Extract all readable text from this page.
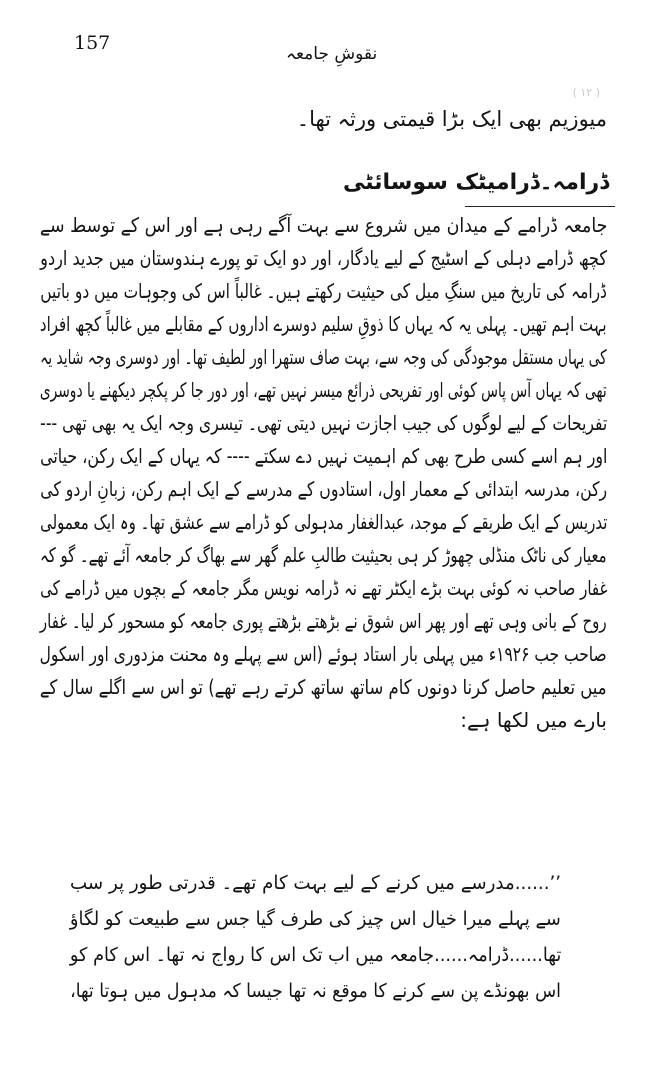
157	نقوشِ جامعہ
( ۱۲ )
میوزیم بھی ایک بڑا قیمتی ورثہ تھا۔
ڈرامہ۔ڈرامیٹک سوسائٹی
جامعہ ڈرامے کے میدان میں شروع سے بہت آگے رہی ہے اور اس کے توسط سے
کچھ ڈرامے دہلی کے اسٹیج کے لیے یادگار، اور دو ایک تو پورے ہندوستان میں جدید اردو
ڈرامہ کی تاریخ میں سنگِ میل کی حیثیت رکھتے ہیں۔ غالباً اس کی وجوہات میں دو باتیں
بہت اہم تھیں۔ پہلی یہ کہ یہاں کا ذوقِ سلیم دوسرے اداروں کے مقابلے میں غالباً کچھ افراد
کی یہاں مستقل موجودگی کی وجہ سے، بہت صاف ستھرا اور لطیف تھا۔ اور دوسری وجہ شاید یہ
تھی کہ یہاں آس پاس کوئی اور تفریحی ذرائع میسر نہیں تھے، اور دور جا کر پکچر دیکھنے یا دوسری
تفریحات کے لیے لوگوں کی جیب اجازت نہیں دیتی تھی۔ تیسری وجہ ایک یہ بھی تھی ---
اور ہم اسے کسی طرح بھی کم اہمیت نہیں دے سکتے ---- کہ یہاں کے ایک رکن، حیاتی
رکن، مدرسہ ابتدائی کے معمار اول، استادوں کے مدرسے کے ایک اہم رکن، زبانِ اردو کی
تدریس کے ایک طریقے کے موجد، عبدالغفار مدہولی کو ڈرامے سے عشق تھا۔ وہ ایک معمولی
معیار کی ناٹک منڈلی چھوڑ کر ہی بحیثیت طالبِ علم گھر سے بھاگ کر جامعہ آئے تھے۔ گو کہ
غفار صاحب نہ کوئی بہت بڑے ایکٹر تھے نہ ڈرامہ نویس مگر جامعہ کے بچوں میں ڈرامے کی
روح کے بانی وہی تھے اور پھر اس شوق نے بڑھتے بڑھتے پوری جامعہ کو مسحور کر لیا۔ غفار
صاحب جب ۱۹۲۶ء میں پہلی بار استاد ہوئے (اس سے پہلے وہ محنت مزدوری اور اسکول
میں تعلیم حاصل کرنا دونوں کام ساتھ ساتھ کرتے رہے تھے) تو اس سے اگلے سال کے
بارے میں لکھا ہے:
’’......مدرسے میں کرنے کے لیے بہت کام تھے۔ قدرتی طور پر سب
سے پہلے میرا خیال اس چیز کی طرف گیا جس سے طبیعت کو لگاؤ
تھا......ڈرامہ......جامعہ میں اب تک اس کا رواج نہ تھا۔ اس کام کو
اس بھونڈے پن سے کرنے کا موقع نہ تھا جیسا کہ مدہول میں ہوتا تھا،
